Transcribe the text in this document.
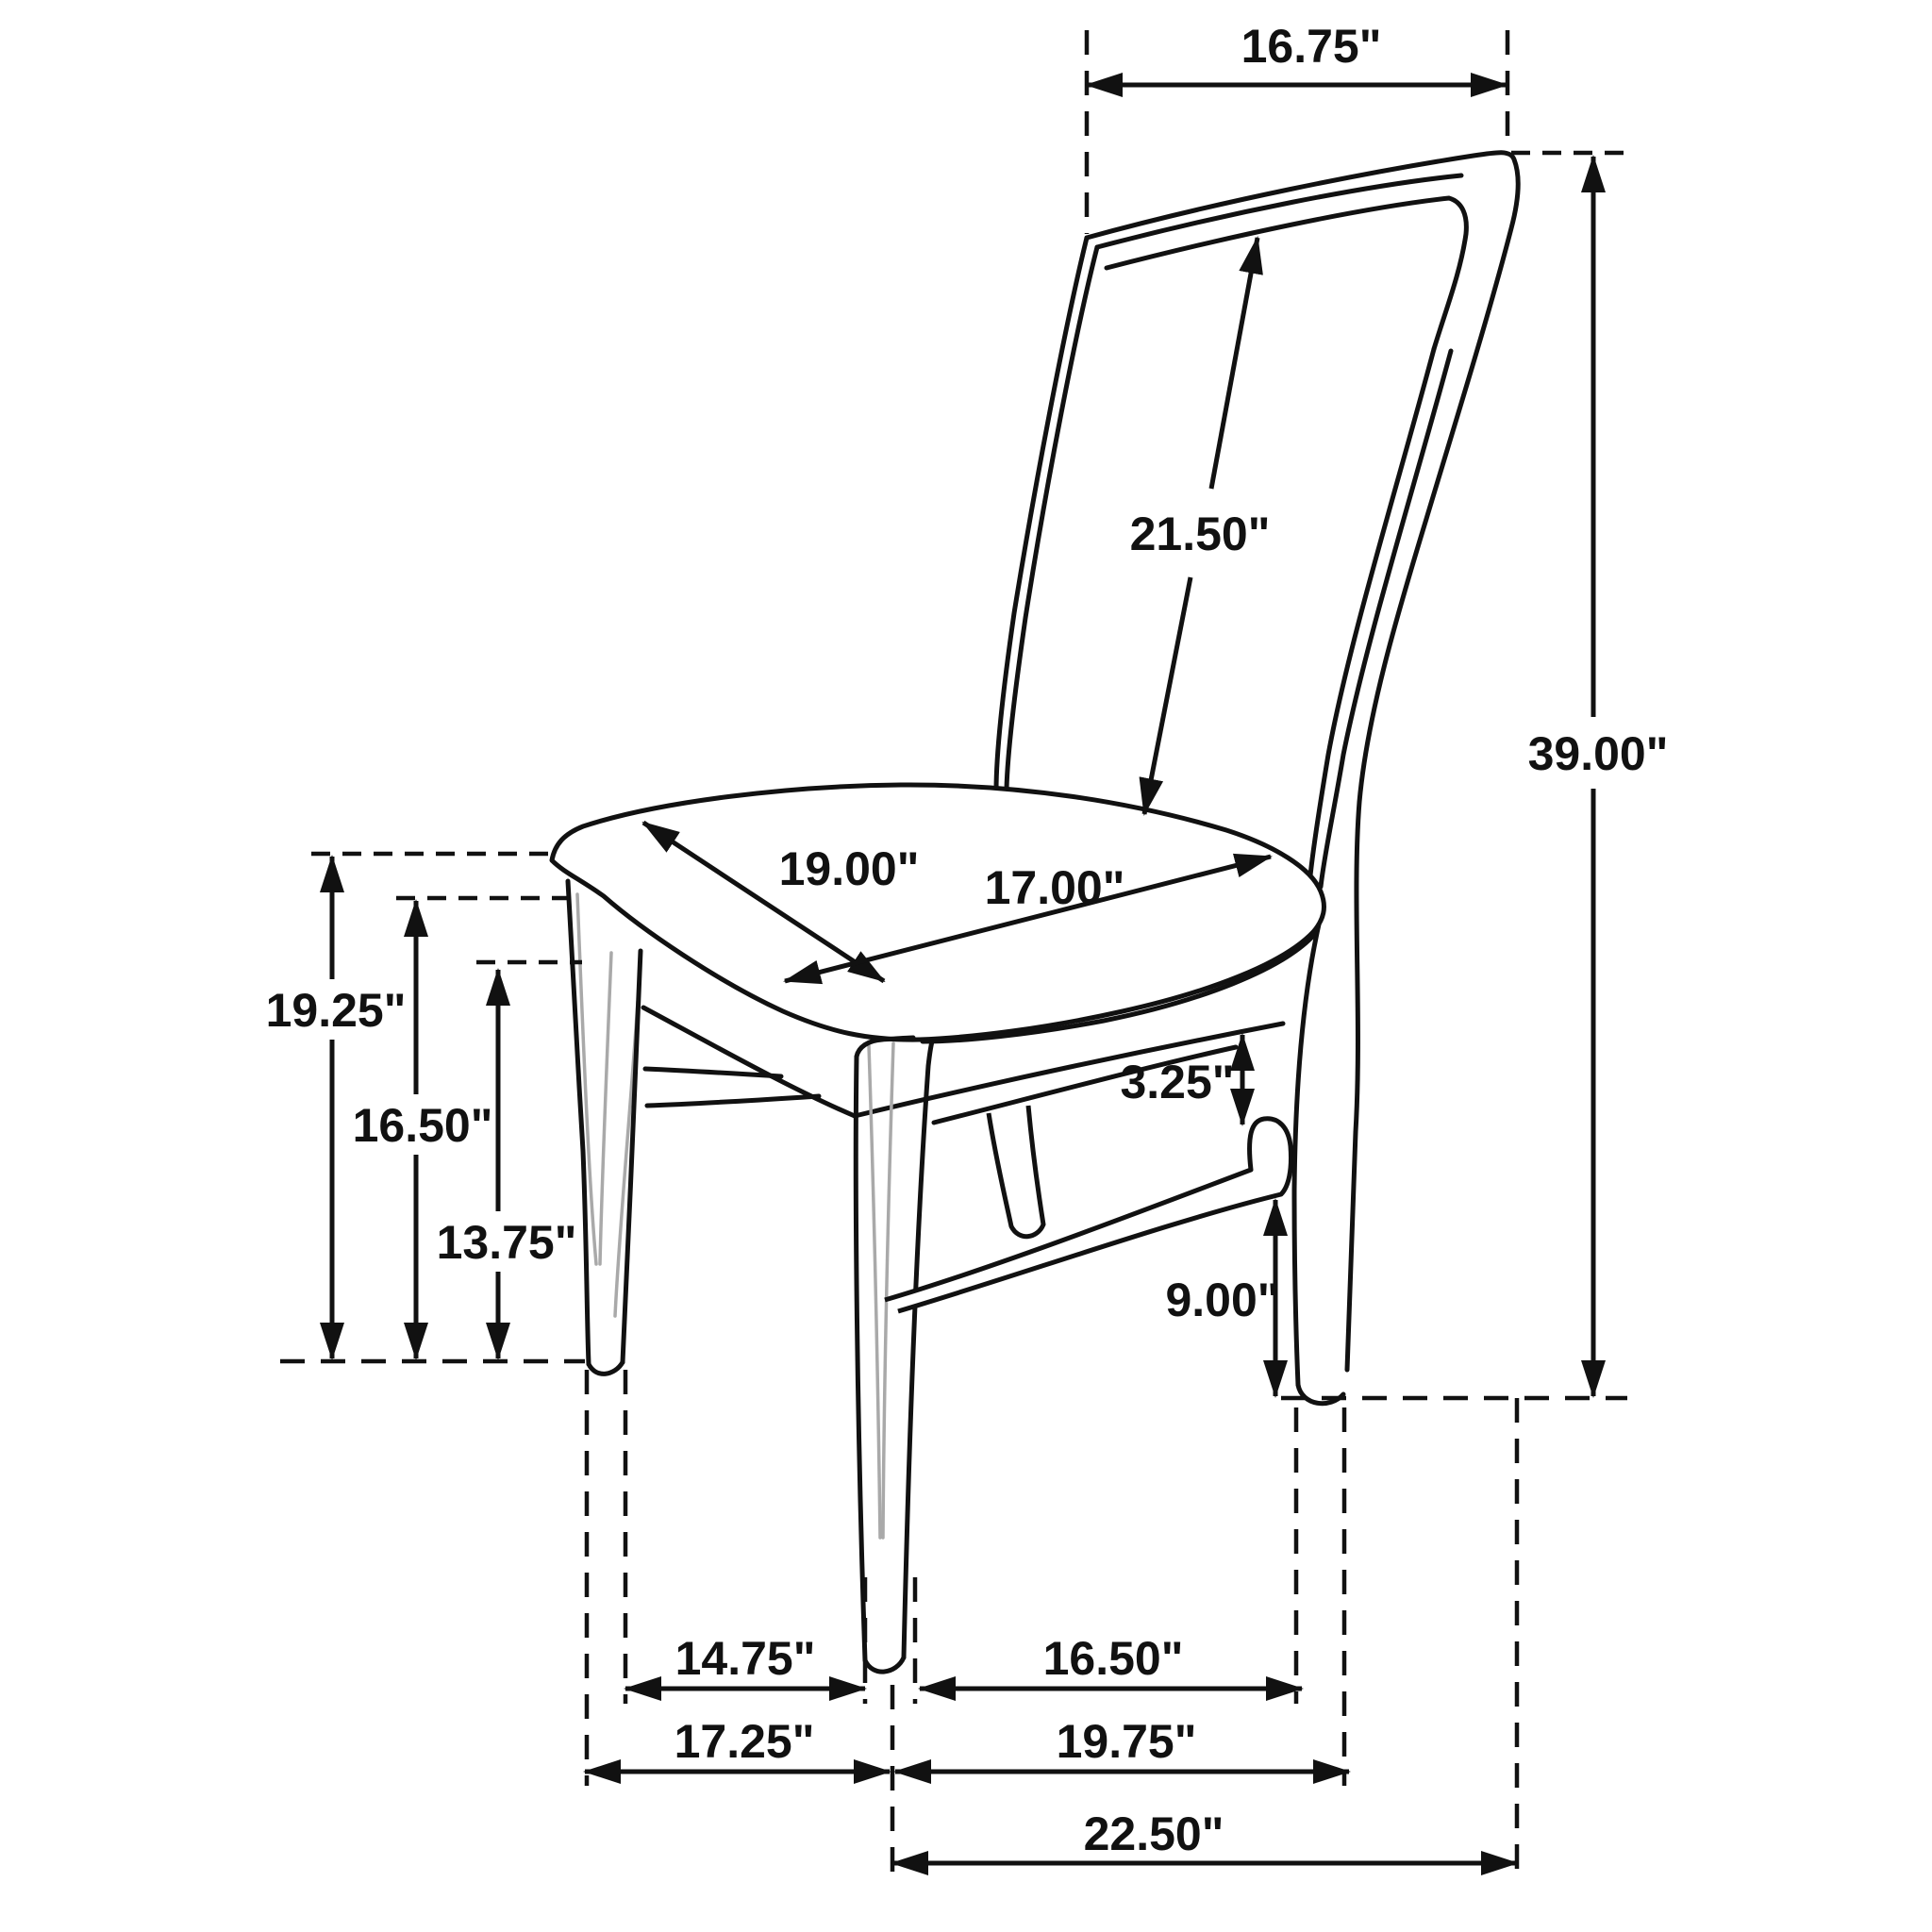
16.75"
21.50"
39.00"
19.00" 17.00"
19.25"
16.50"
13.75"
3.25"
9.00"
14.75"	16.50"
17.25"	19.75"
22.50"
